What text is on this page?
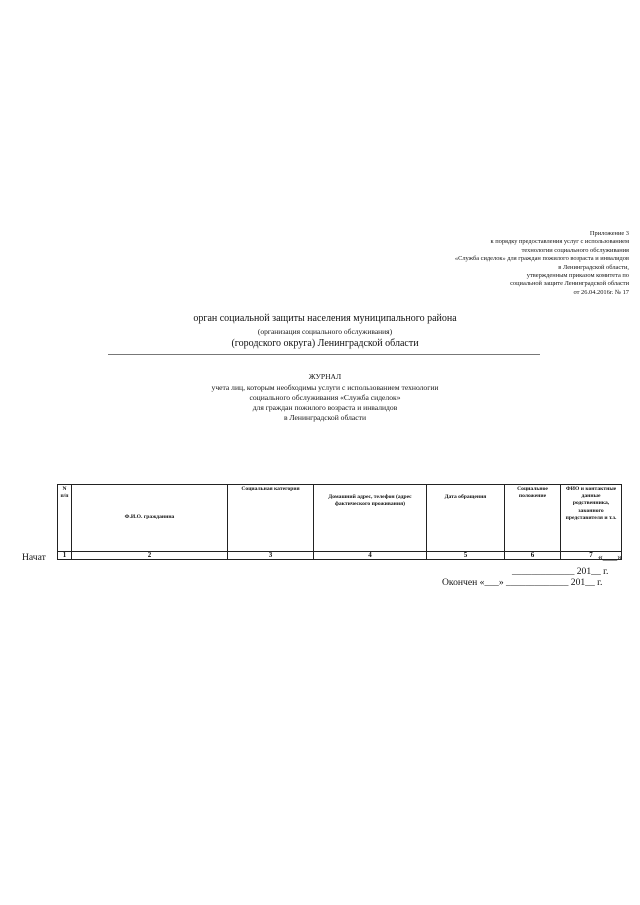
Приложение 3
к порядку предоставления услуг с использованием
технологии социального обслуживания
«Служба сиделок» для граждан пожилого возраста и инвалидов
в Ленинградской области,
утвержденным приказом комитета по
социальной защите Ленинградской области
от 26.04.2016г. № 17
орган социальной защиты населения муниципального района
(организация социального обслуживания)
(городского округа) Ленинградской области
ЖУРНАЛ
учета лиц, которым необходимы услуги с использованием технологии
социального обслуживания «Служба сиделок»
для граждан пожилого возраста и инвалидов
в Ленинградской области
N п/п	Ф.И.О. гражданина	Социальная категория	Домашний адрес, телефон (адрес фактического проживания)	Дата обращения	Социальное положение	ФИО и контактные данные родственника, законного представителя и т.з.
1	2	3	4	5	6	7
Начат	«___»
_____________ 201__ г.
Окончен «___» _____________ 201__ г.
